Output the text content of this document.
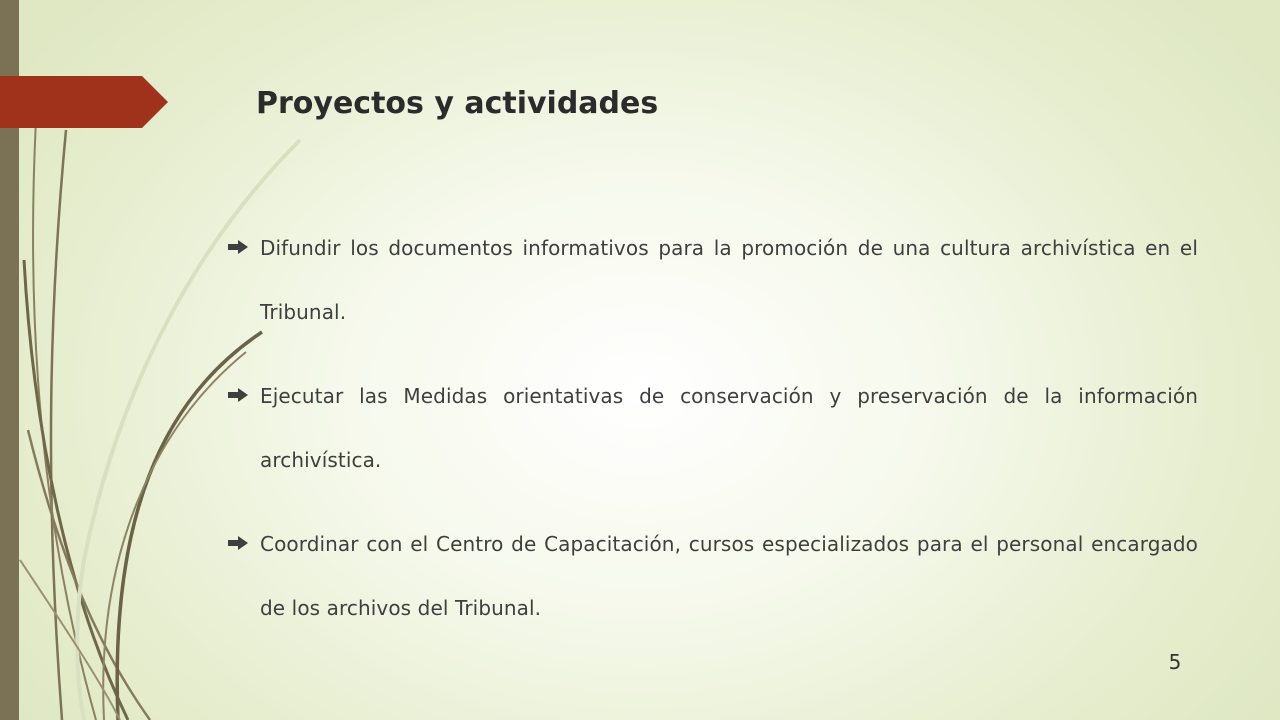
Proyectos y actividades
Difundir los documentos informativos para la promoción de una cultura archivística en el Tribunal.
Ejecutar las Medidas orientativas de conservación y preservación de la información archivística.
Coordinar con el Centro de Capacitación, cursos especializados para el personal encargado de los archivos del Tribunal.
5
